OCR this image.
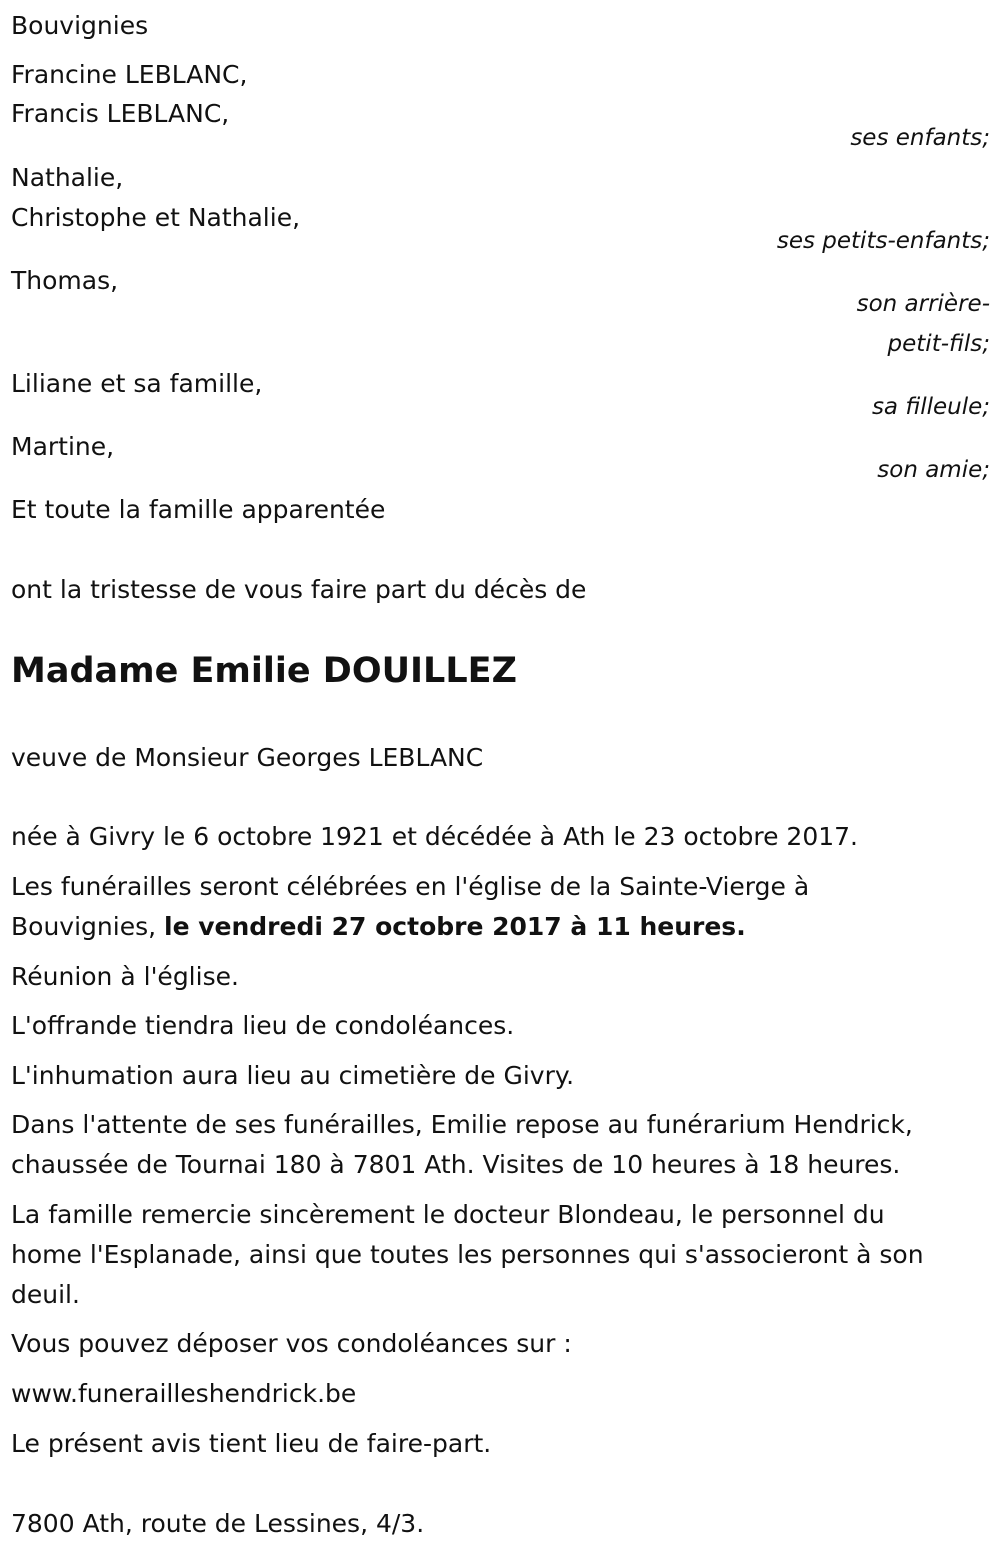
Bouvignies
Francine LEBLANC,
Francis LEBLANC,
ses enfants;
Nathalie,
Christophe et Nathalie,
ses petits-enfants;
Thomas,
son arrière-
petit-fils;
Liliane et sa famille,
sa filleule;
Martine,
son amie;
Et toute la famille apparentée
ont la tristesse de vous faire part du décès de
Madame Emilie DOUILLEZ
veuve de Monsieur Georges LEBLANC
née à Givry le 6 octobre 1921 et décédée à Ath le 23 octobre 2017.
Les funérailles seront célébrées en l'église de la Sainte-Vierge à
Bouvignies, le vendredi 27 octobre 2017 à 11 heures.
Réunion à l'église.
L'offrande tiendra lieu de condoléances.
L'inhumation aura lieu au cimetière de Givry.
Dans l'attente de ses funérailles, Emilie repose au funérarium Hendrick,
chaussée de Tournai 180 à 7801 Ath. Visites de 10 heures à 18 heures.
La famille remercie sincèrement le docteur Blondeau, le personnel du
home l'Esplanade, ainsi que toutes les personnes qui s'associeront à son
deuil.
Vous pouvez déposer vos condoléances sur :
www.funerailleshendrick.be
Le présent avis tient lieu de faire-part.
7800 Ath, route de Lessines, 4/3.
